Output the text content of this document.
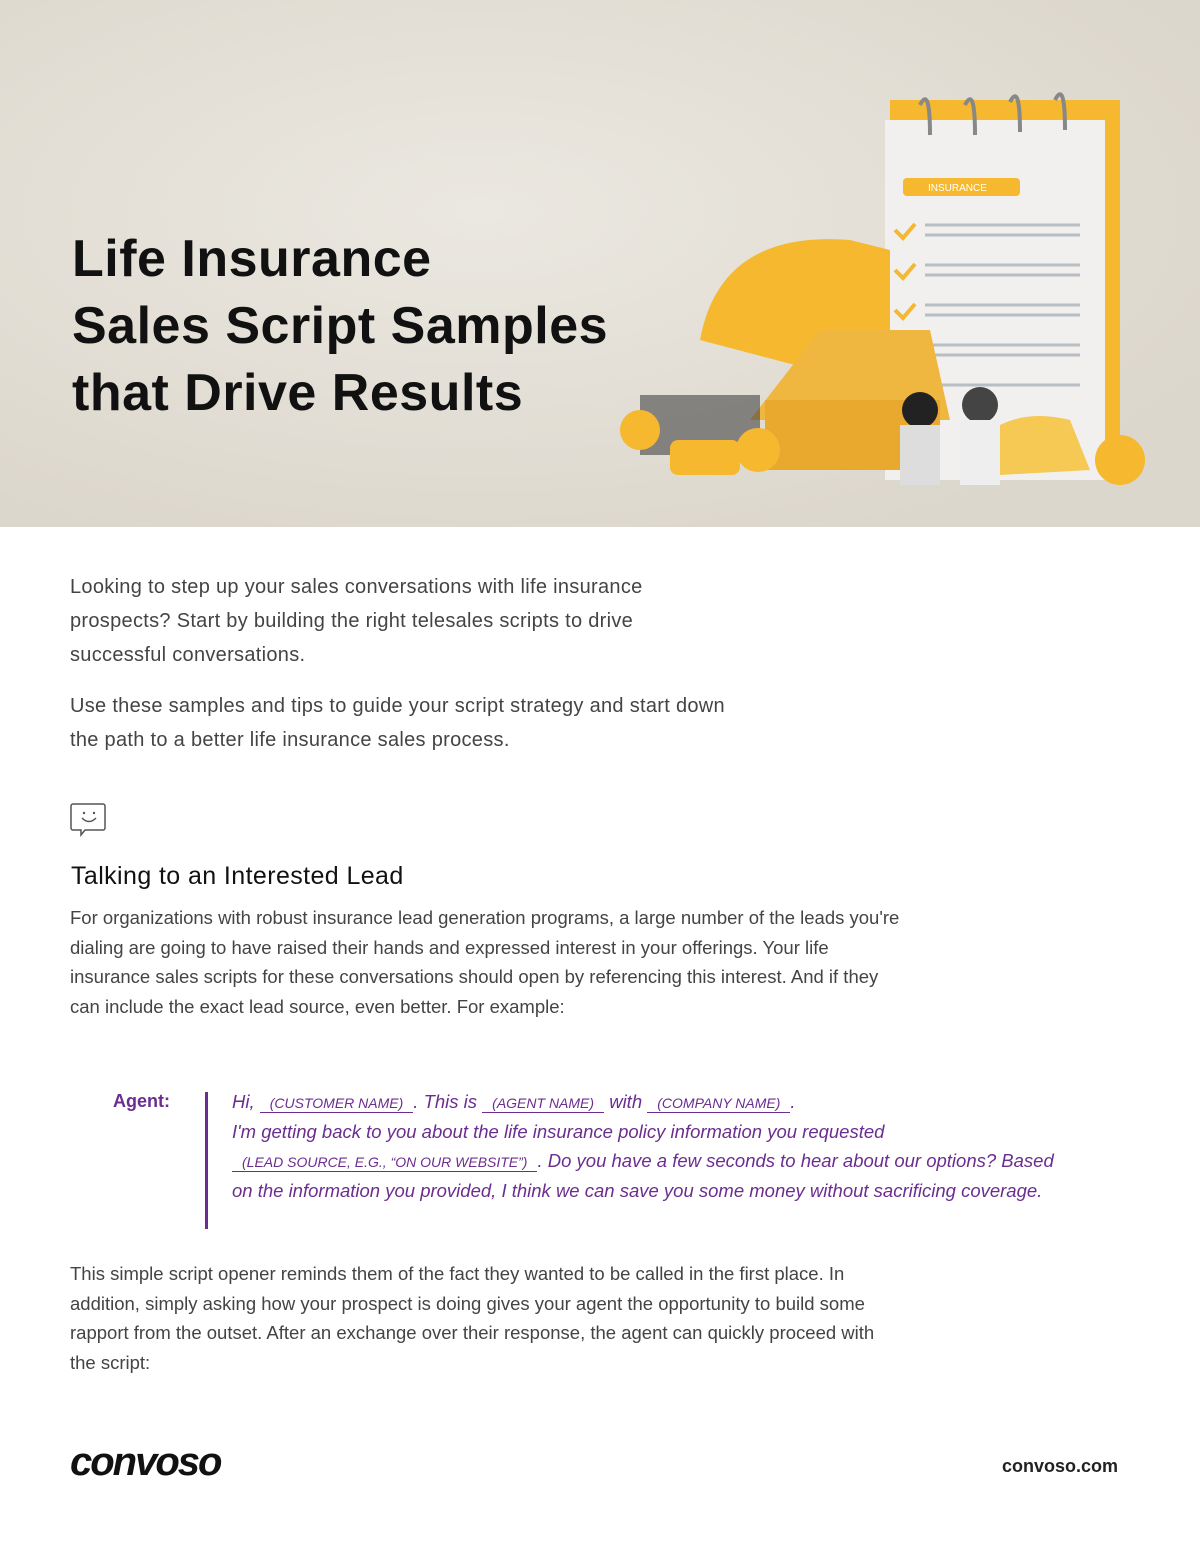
Life Insurance
Sales Script Samples
that Drive Results
INSURANCE
Looking to step up your sales conversations with life insurance prospects? Start by building the right telesales scripts to drive successful conversations.
Use these samples and tips to guide your script strategy and start down the path to a better life insurance sales process.
Talking to an Interested Lead
For organizations with robust insurance lead generation programs, a large number of the leads you're dialing are going to have raised their hands and expressed interest in your offerings. Your life insurance sales scripts for these conversations should open by referencing this interest. And if they can include the exact lead source, even better. For example:
Agent:	Hi, (CUSTOMER NAME) . This is (AGENT NAME) with (COMPANY NAME) .
I'm getting back to you about the life insurance policy information you requested (LEAD SOURCE, E.G., “ON OUR WEBSITE”) . Do you have a few seconds to hear about our options? Based on the information you provided, I think we can save you some money without sacrificing coverage.
This simple script opener reminds them of the fact they wanted to be called in the first place. In addition, simply asking how your prospect is doing gives your agent the opportunity to build some rapport from the outset. After an exchange over their response, the agent can quickly proceed with the script:
convoso	convoso.com
